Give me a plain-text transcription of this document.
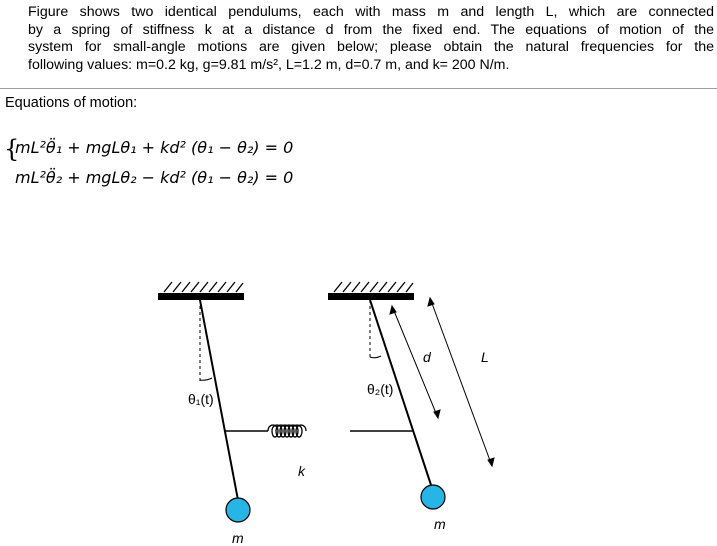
Figure shows two identical pendulums, each with mass m and length L, which are connected
by a spring of stiffness k at a distance d from the fixed end. The equations of motion of the
system for small-angle motions are given below; please obtain the natural frequencies for the
following values: m=0.2 kg, g=9.81 m/s², L=1.2 m, d=0.7 m, and k= 200 N/m.
Equations of motion:
{
mL²θ̈₁ + mgLθ₁ + kd² (θ₁ − θ₂) = 0
mL²θ̈₂ + mgLθ₂ − kd² (θ₁ − θ₂) = 0
θ₁(t)
θ₂(t)
d	L
k
m
m
